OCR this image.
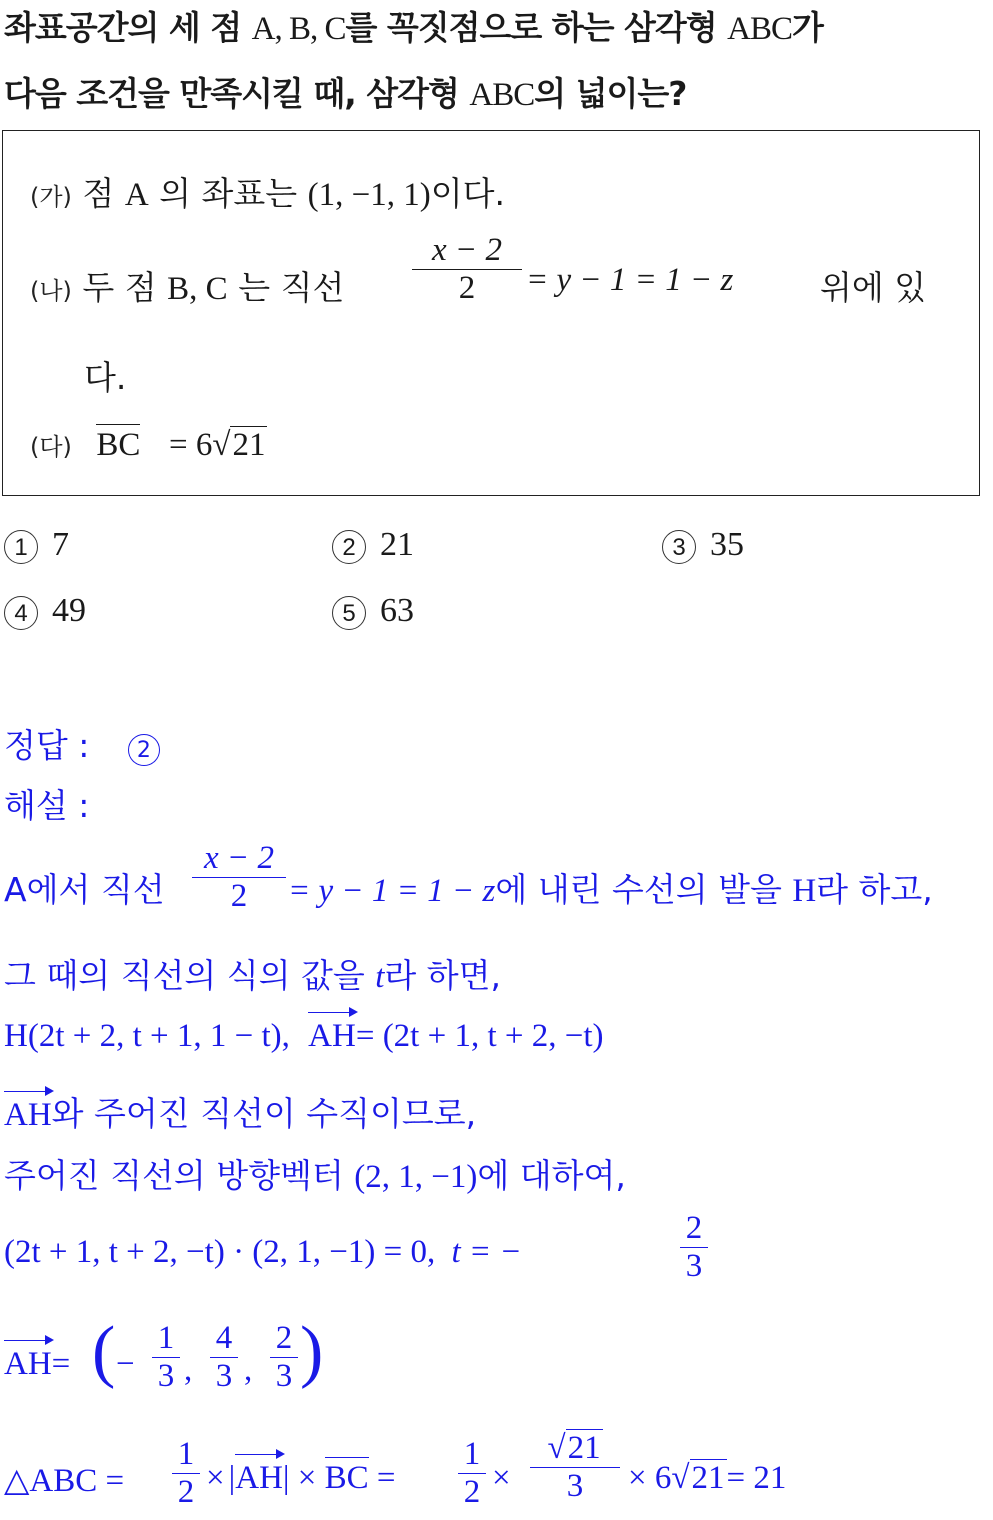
좌표공간의 세 점 A, B, C를 꼭짓점으로 하는 삼각형 ABC가
다음 조건을 만족시킬 때, 삼각형 ABC의 넓이는?
(가) 점 A 의 좌표는 (1, −1, 1)이다.
(나) 두 점 B, C 는 직선
x − 2
2	= y − 1 = 1 − z	위에 있
다.
(다) BC = 6√21
1 7	2 21	3 35
4 49	5 63
정답 : 2
해설 :
A에서 직선
x − 2
2	= y − 1 = 1 − z에 내린 수선의 발을 H라 하고,
그 때의 직선의 식의 값을 t라 하면,
H(2t + 2, t + 1, 1 − t), AH= (2t + 1, t + 2, −t)
AH와 주어진 직선이 수직이므로,
주어진 직선의 방향벡터 (2, 1, −1)에 대하여,
(2t + 1, t + 2, −t) · (2, 1, −1) = 0, t = −
2
3
AH= ( −
1
3 ,
4
3 ,
2
3 )
△ABC =
1
2 × |
AH| × BC =
1
2 ×
√21
3	× 6√21= 21
